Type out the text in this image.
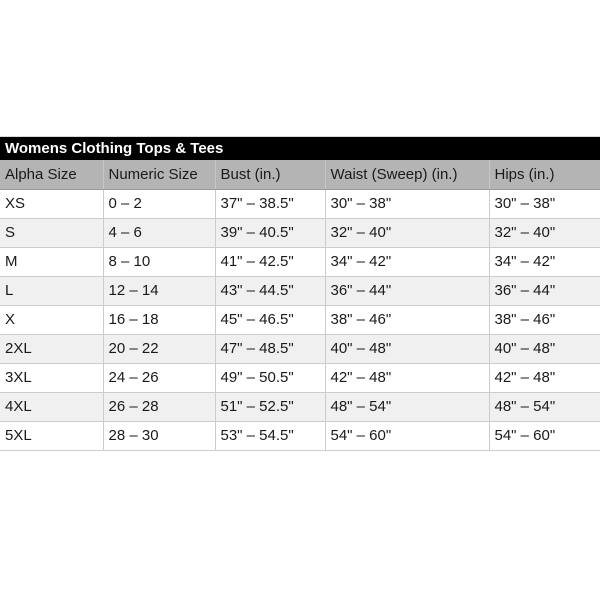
Womens Clothing Tops & Tees
Alpha Size	Numeric Size	Bust (in.)	Waist (Sweep) (in.)	Hips (in.)
XS	0 – 2	37" – 38.5"	30" – 38"	30" – 38"
S	4 – 6	39" – 40.5"	32" – 40"	32" – 40"
M	8 – 10	41" – 42.5"	34" – 42"	34" – 42"
L	12 – 14	43" – 44.5"	36" – 44"	36" – 44"
X	16 – 18	45" – 46.5"	38" – 46"	38" – 46"
2XL	20 – 22	47" – 48.5"	40" – 48"	40" – 48"
3XL	24 – 26	49" – 50.5"	42" – 48"	42" – 48"
4XL	26 – 28	51" – 52.5"	48" – 54"	48" – 54"
5XL	28 – 30	53" – 54.5"	54" – 60"	54" – 60"
